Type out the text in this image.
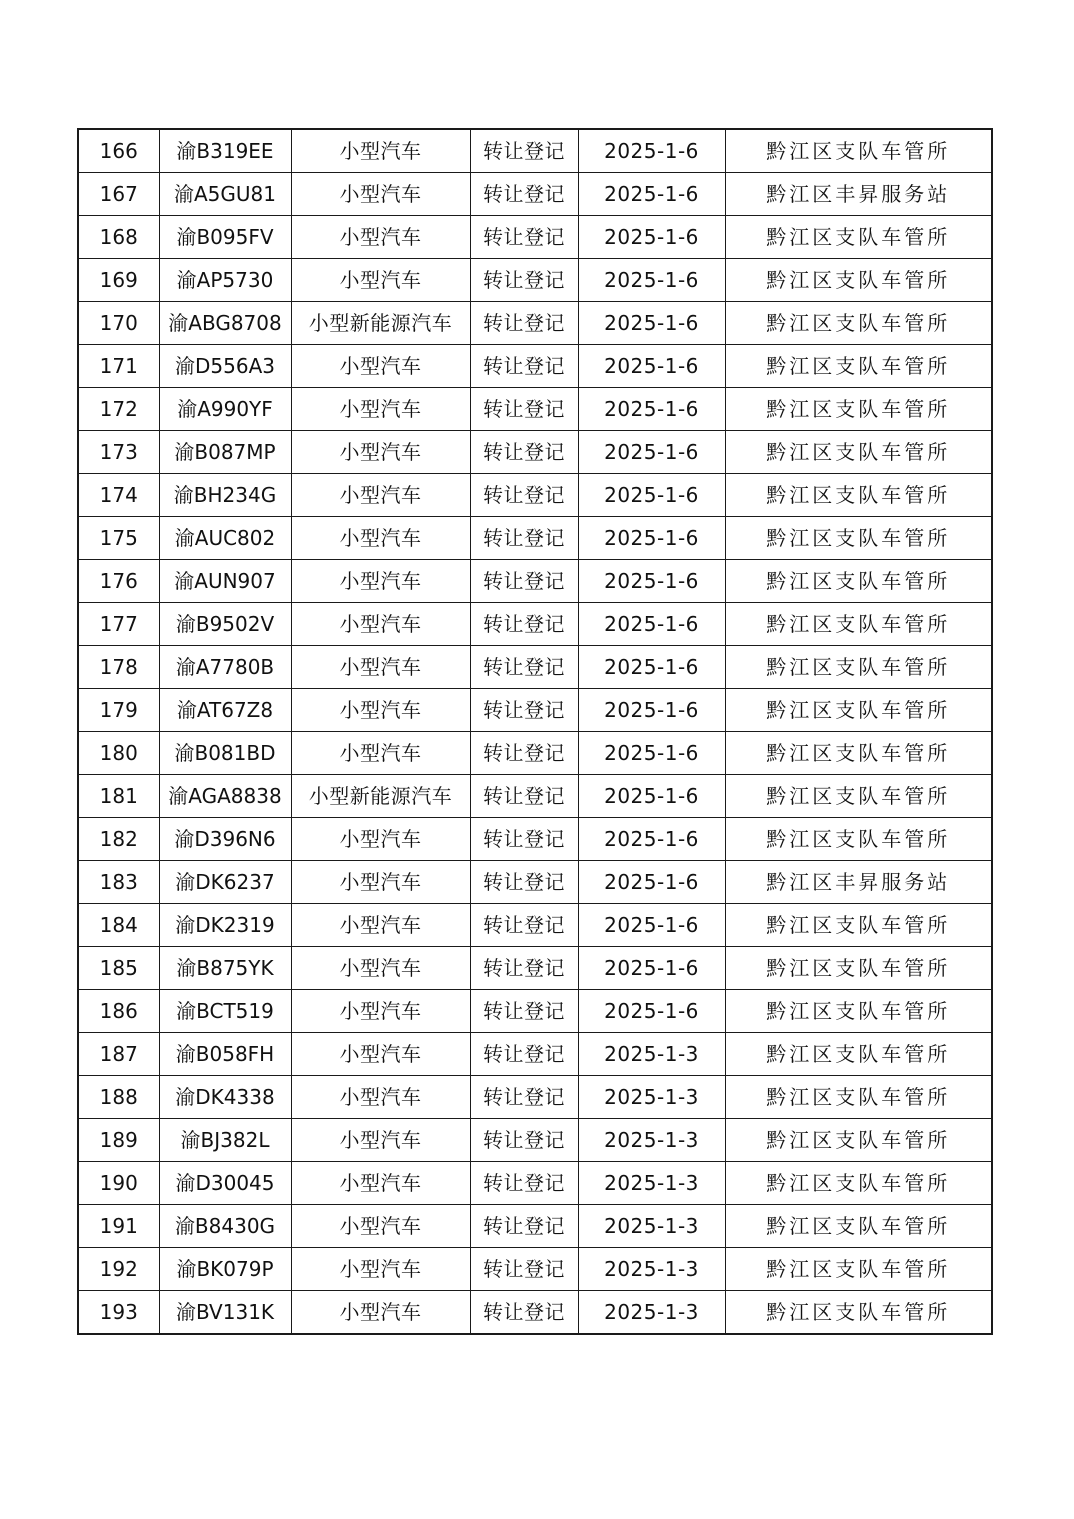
166	渝B319EE	小型汽车	转让登记	2025-1-6	黔江区支队车管所
167	渝A5GU81	小型汽车	转让登记	2025-1-6	黔江区丰昇服务站
168	渝B095FV	小型汽车	转让登记	2025-1-6	黔江区支队车管所
169	渝AP5730	小型汽车	转让登记	2025-1-6	黔江区支队车管所
170	渝ABG8708	小型新能源汽车	转让登记	2025-1-6	黔江区支队车管所
171	渝D556A3	小型汽车	转让登记	2025-1-6	黔江区支队车管所
172	渝A990YF	小型汽车	转让登记	2025-1-6	黔江区支队车管所
173	渝B087MP	小型汽车	转让登记	2025-1-6	黔江区支队车管所
174	渝BH234G	小型汽车	转让登记	2025-1-6	黔江区支队车管所
175	渝AUC802	小型汽车	转让登记	2025-1-6	黔江区支队车管所
176	渝AUN907	小型汽车	转让登记	2025-1-6	黔江区支队车管所
177	渝B9502V	小型汽车	转让登记	2025-1-6	黔江区支队车管所
178	渝A7780B	小型汽车	转让登记	2025-1-6	黔江区支队车管所
179	渝AT67Z8	小型汽车	转让登记	2025-1-6	黔江区支队车管所
180	渝B081BD	小型汽车	转让登记	2025-1-6	黔江区支队车管所
181	渝AGA8838	小型新能源汽车	转让登记	2025-1-6	黔江区支队车管所
182	渝D396N6	小型汽车	转让登记	2025-1-6	黔江区支队车管所
183	渝DK6237	小型汽车	转让登记	2025-1-6	黔江区丰昇服务站
184	渝DK2319	小型汽车	转让登记	2025-1-6	黔江区支队车管所
185	渝B875YK	小型汽车	转让登记	2025-1-6	黔江区支队车管所
186	渝BCT519	小型汽车	转让登记	2025-1-6	黔江区支队车管所
187	渝B058FH	小型汽车	转让登记	2025-1-3	黔江区支队车管所
188	渝DK4338	小型汽车	转让登记	2025-1-3	黔江区支队车管所
189	渝BJ382L	小型汽车	转让登记	2025-1-3	黔江区支队车管所
190	渝D30045	小型汽车	转让登记	2025-1-3	黔江区支队车管所
191	渝B8430G	小型汽车	转让登记	2025-1-3	黔江区支队车管所
192	渝BK079P	小型汽车	转让登记	2025-1-3	黔江区支队车管所
193	渝BV131K	小型汽车	转让登记	2025-1-3	黔江区支队车管所
